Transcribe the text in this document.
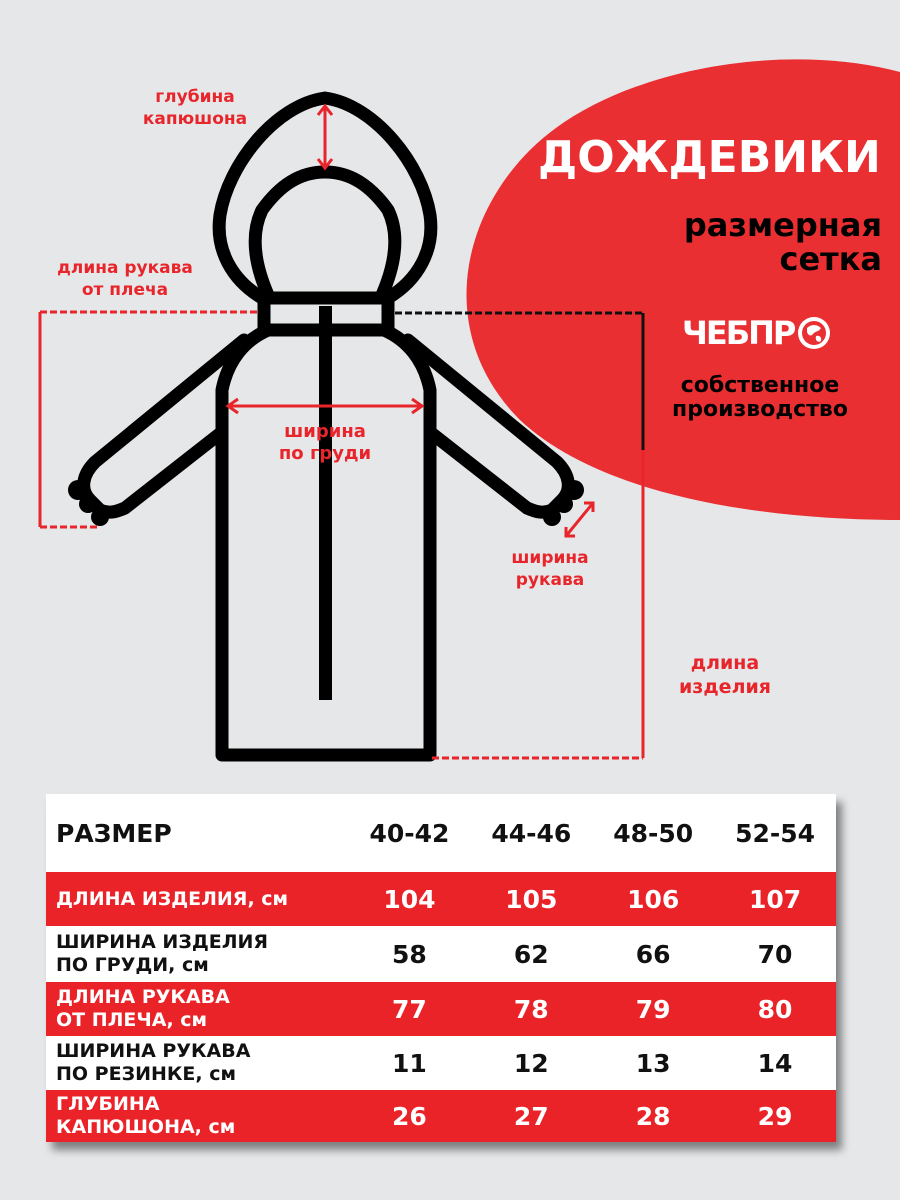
глубина
капюшона
длина рукава
от плеча
ширина
по груди
ширина
рукава
длина
изделия
ДОЖДЕВИКИ
размерная
сетка
ЧЕБПР
собственное
производство
РАЗМЕР	40-42	44-46	48-50	52-54
ДЛИНА ИЗДЕЛИЯ, см	104	105	106	107
ШИРИНА ИЗДЕЛИЯ
ПО ГРУДИ, см	58	62	66	70
ДЛИНА РУКАВА
ОТ ПЛЕЧА, см	77	78	79	80
ШИРИНА РУКАВА
ПО РЕЗИНКЕ, см	11	12	13	14
ГЛУБИНА
КАПЮШОНА, см	26	27	28	29
